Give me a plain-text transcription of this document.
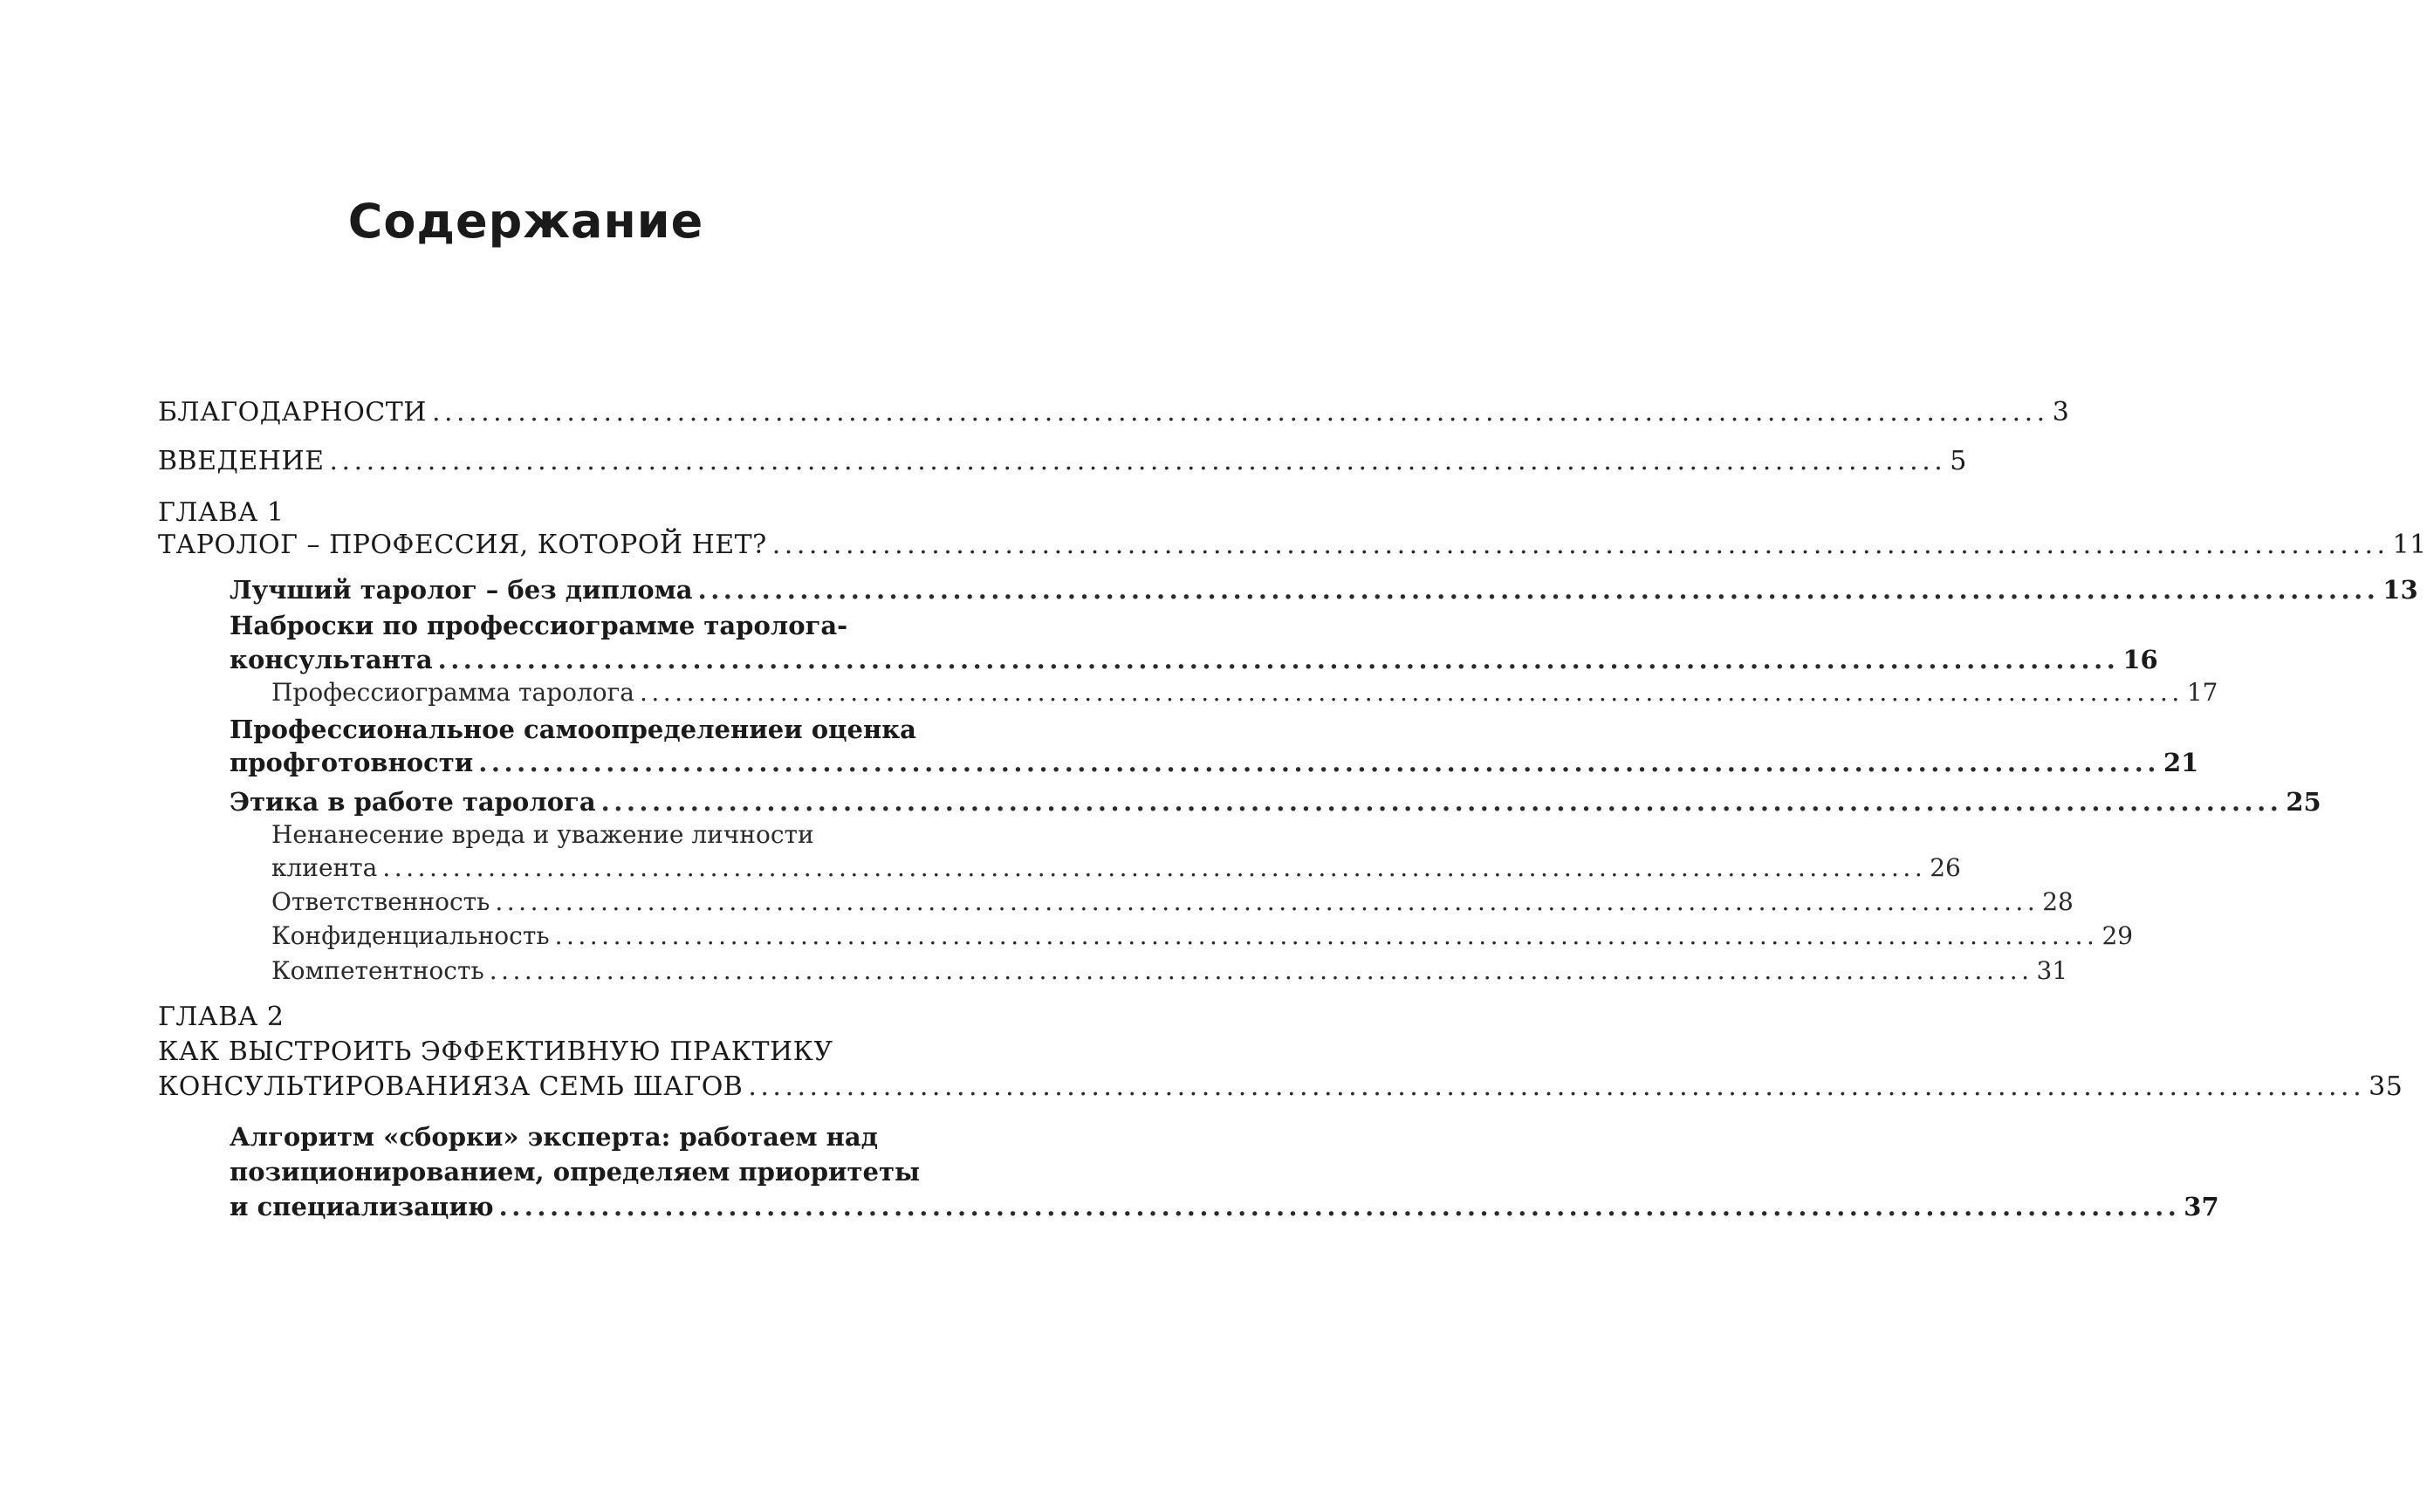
Содержание
БЛАГОДАРНОСТИ .................................................................................................................................... 3
ВВЕДЕНИЕ .................................................................................................................................... 5
ГЛАВА 1
ТАРОЛОГ – ПРОФЕССИЯ, КОТОРОЙ НЕТ? .................................................................................................................................... 11
Лучший таролог – без диплома .................................................................................................................................... 13
Наброски по профессиограмме таролога-
консультанта .................................................................................................................................... 16
Профессиограмма таролога .................................................................................................................................... 17
Профессиональное самоопределениеи оценка
профготовности .................................................................................................................................... 21
Этика в работе таролога .................................................................................................................................... 25
Ненанесение вреда и уважение личности
клиента .................................................................................................................................... 26
Ответственность .................................................................................................................................... 28
Конфиденциальность .................................................................................................................................... 29
Компетентность .................................................................................................................................... 31
ГЛАВА 2
КАК ВЫСТРОИТЬ ЭФФЕКТИВНУЮ ПРАКТИКУ
КОНСУЛЬТИРОВАНИЯЗА СЕМЬ ШАГОВ .................................................................................................................................... 35
Алгоритм «сборки» эксперта: работаем над
позиционированием, определяем приоритеты
и специализацию .................................................................................................................................... 37
